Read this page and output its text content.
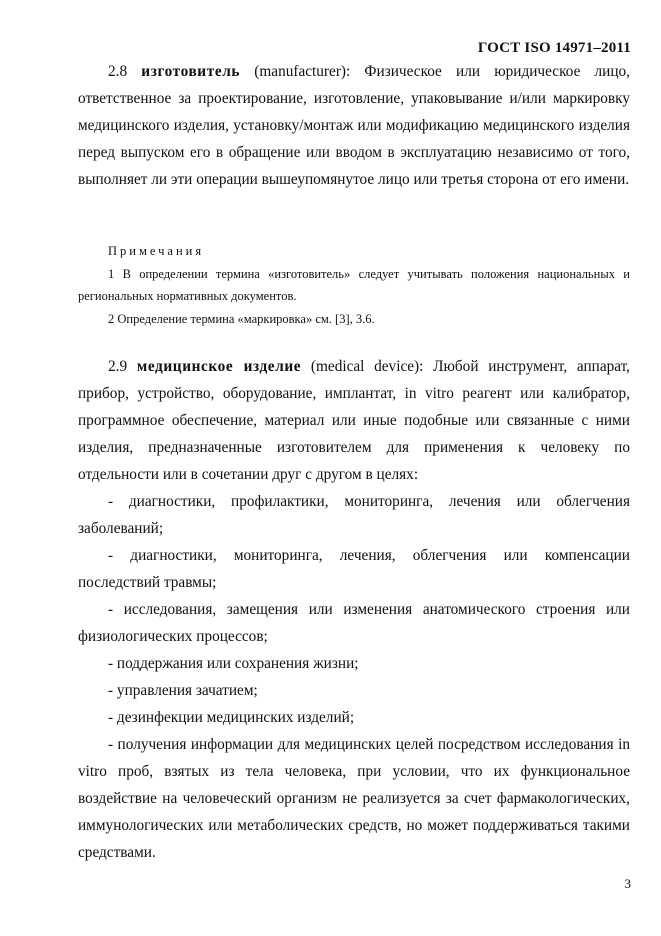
ГОСТ ISO 14971–2011

2.8 изготовитель (manufacturer): Физическое или юридическое лицо, ответственное за проектирование, изготовление, упаковывание и/или маркировку медицинского изделия, установку/монтаж или модификацию медицинского изделия перед выпуском его в обращение или вводом в эксплуатацию независимо от того, выполняет ли эти операции вышеупомянутое лицо или третья сторона от его имени.

Примечания

1 В определении термина «изготовитель» следует учитывать положения национальных и региональных нормативных документов.

2 Определение термина «маркировка» см. [3], 3.6.

2.9 медицинское изделие (medical device): Любой инструмент, аппарат, прибор, устройство, оборудование, имплантат, in vitro реагент или калибратор, программное обеспечение, материал или иные подобные или связанные с ними изделия, предназначенные изготовителем для применения к человеку по отдельности или в сочетании друг с другом в целях:

- диагностики, профилактики, мониторинга, лечения или облегчения заболеваний;

- диагностики, мониторинга, лечения, облегчения или компенсации последствий травмы;

- исследования, замещения или изменения анатомического строения или физиологических процессов;

- поддержания или сохранения жизни;

- управления зачатием;

- дезинфекции медицинских изделий;

- получения информации для медицинских целей посредством исследования in vitro проб, взятых из тела человека, при условии, что их функциональное воздействие на человеческий организм не реализуется за счет фармакологических, иммунологических или метаболических средств, но может поддерживаться такими средствами.

3
